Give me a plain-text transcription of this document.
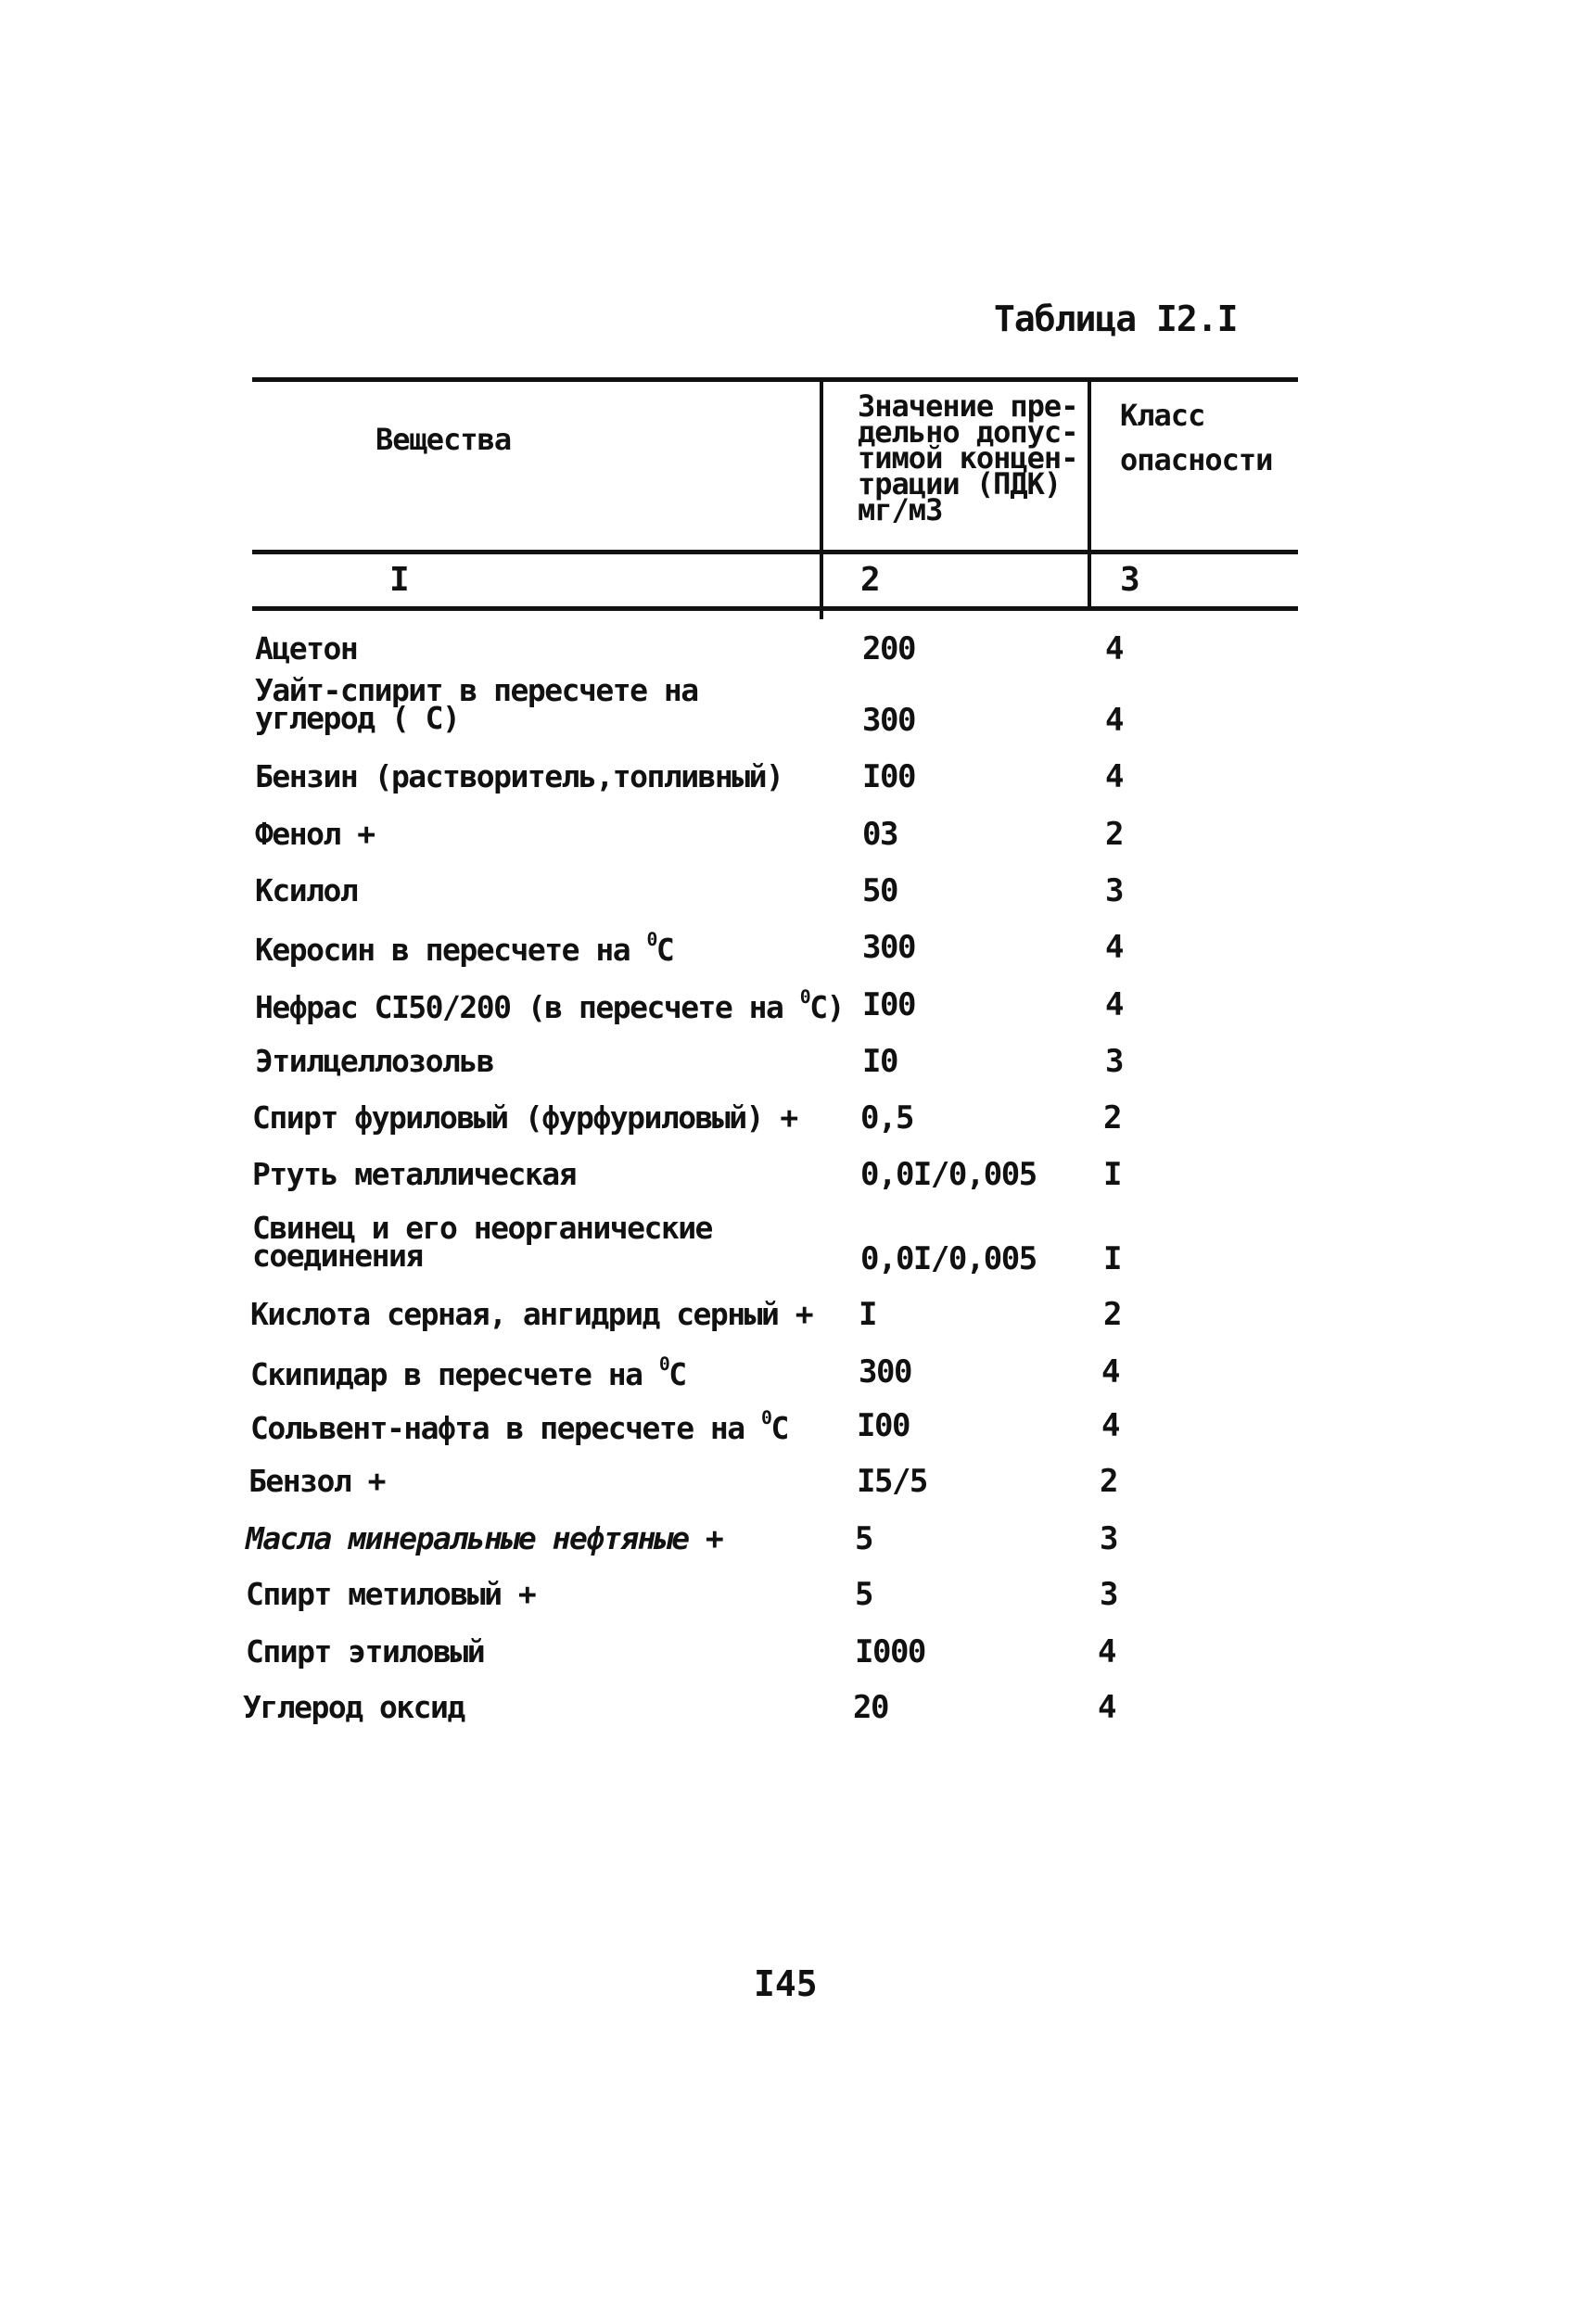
Таблица I2.I
Вещества
Значение пре-
дельно допус-
тимой концен-
трации (ПДК)
мг/м3
Класс
опасности
I	2	3
Ацетон	200	4
Уайт-спирит в пересчете на
углерод ( С)	300	4
Бензин (растворитель,топливный)	I00	4
Фенол +	03	2
Ксилол	50	3
Керосин в пересчете на $^0$С	300	4
Нефрас СI50/200 (в пересчете на $^0$С) I00	4
Этилцеллозольв	I0	3
Спирт фуриловый (фурфуриловый) + 0,5	2
Ртуть металлическая	0,0I/0,005 I
Свинец и его неорганические
соединения	0,0I/0,005 I
Кислота серная, ангидрид серный + I	2
Скипидар в пересчете на $^0$С	300	4
Сольвент-нафта в пересчете на $^0$С I00	4
Бензол +	I5/5	2
Масла минеральные нефтяные +	5	3
Спирт метиловый +	5	3
Спирт этиловый	I000	4
Углерод оксид	20	4
I45
